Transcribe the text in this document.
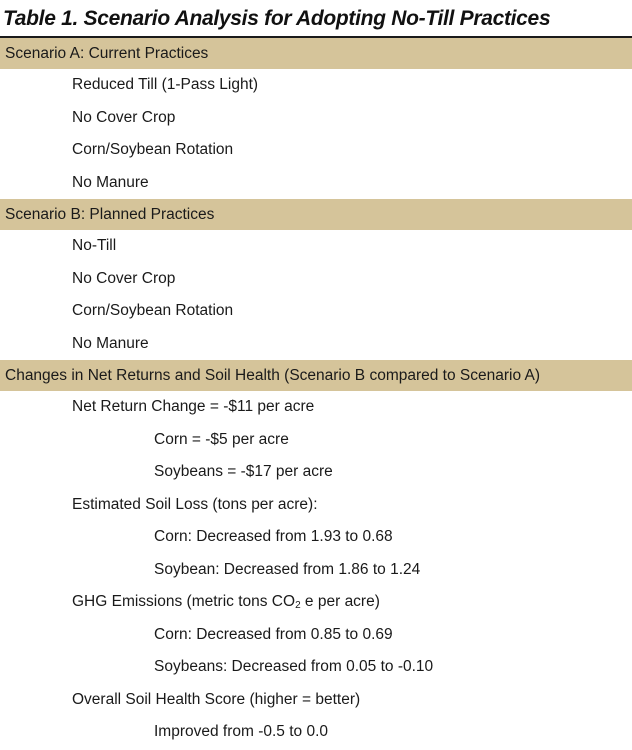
Table 1. Scenario Analysis for Adopting No-Till Practices
Scenario A: Current Practices
Reduced Till (1-Pass Light)
No Cover Crop
Corn/Soybean Rotation
No Manure
Scenario B: Planned Practices
No-Till
No Cover Crop
Corn/Soybean Rotation
No Manure
Changes in Net Returns and Soil Health (Scenario B compared to Scenario A)
Net Return Change = -$11 per acre
Corn = -$5 per acre
Soybeans = -$17 per acre
Estimated Soil Loss (tons per acre):
Corn: Decreased from 1.93 to 0.68
Soybean: Decreased from 1.86 to 1.24
GHG Emissions (metric tons $CO_2$ e per acre)
Corn: Decreased from 0.85 to 0.69
Soybeans: Decreased from 0.05 to -0.10
Overall Soil Health Score (higher = better)
Improved from -0.5 to 0.0
